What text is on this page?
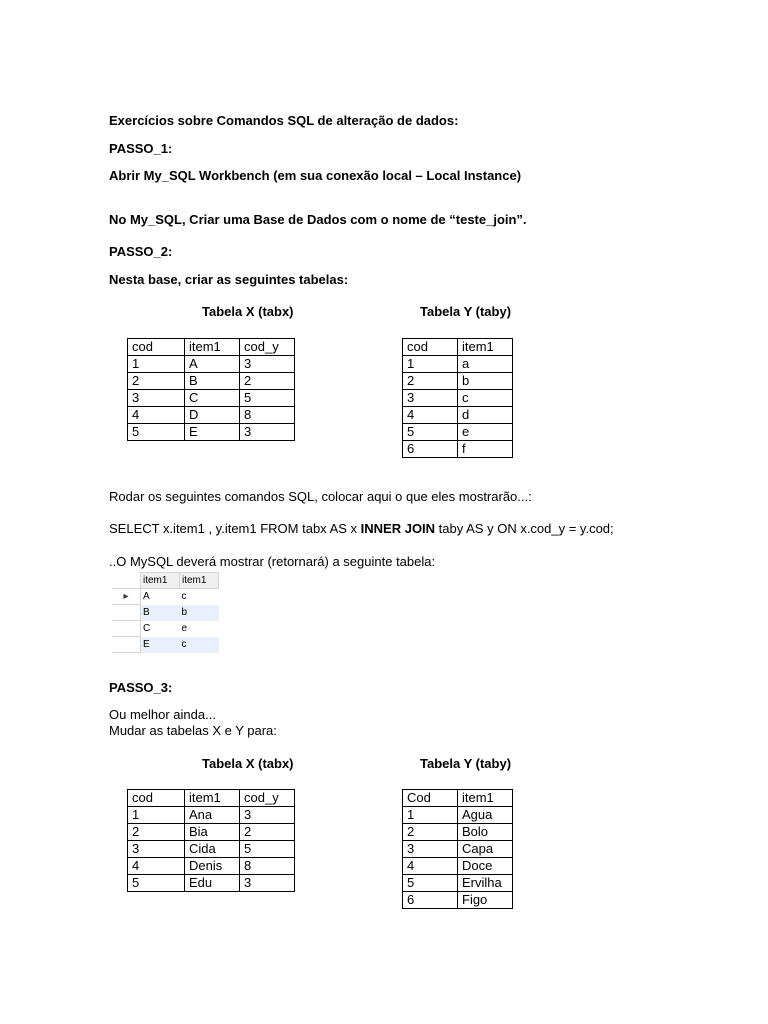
Exercícios sobre Comandos SQL de alteração de dados:
PASSO_1:
Abrir My_SQL Workbench (em sua conexão local – Local Instance)
No My_SQL, Criar uma Base de Dados com o nome de “teste_join”.
PASSO_2:
Nesta base, criar as seguintes tabelas:
Tabela X (tabx)	Tabela Y (taby)
cod	item1	cod_y
1	A	3
2	B	2
3	C	5
4	D	8
5	E	3
cod	item1
1	a
2	b
3	c
4	d
5	e
6	f
Rodar os seguintes comandos SQL, colocar aqui o que eles mostrarão...:
SELECT x.item1 , y.item1 FROM tabx AS x INNER JOIN taby AS y ON x.cod_y = y.cod;
..O MySQL deverá mostrar (retornará) a seguinte tabela:
	item1	item1
▸	A	c
	B	b
	C	e
	E	c
PASSO_3:
Ou melhor ainda...
Mudar as tabelas X e Y para:
Tabela X (tabx)	Tabela Y (taby)
cod	item1	cod_y
1	Ana	3
2	Bia	2
3	Cida	5
4	Denis	8
5	Edu	3
Cod	item1
1	Agua
2	Bolo
3	Capa
4	Doce
5	Ervilha
6	Figo
